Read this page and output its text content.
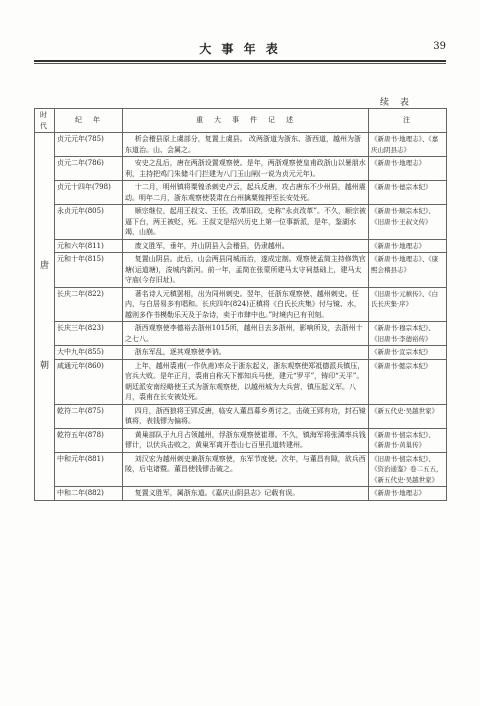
大 事 年 表	39
续 表
时代	纪　年	重　大　事　件　记　述	注

唐
朝	贞元元年(785)	析会稽县原上虞部分，复置上虞县。 改两浙道为浙东、浙西道，越州为浙东道治。山、会属之。	《新唐书·地理志》、《嘉庆山阴县志》
	贞元二年(786)	安史之乱后，唐在两浙设置观察使。是年，两浙观察使皇甫政浙山以暑朋水利，主持把鸡门朱储斗门拦建为八门玉山闸(一说为贞元元年)。	《新唐书·地理志》
	贞元十四年(798)	十二月，明州镇将粟锽杀刺史卢云，起兵反唐，攻占唐东不少州县，越州震动。明年二月，浙东观察使裴肃在台州擒粟锽押至长安处死。	《新唐书·德宗本纪》
	永贞元年(805)	顺宗继位，起用王叔文、王伾，改革旧政，史称“永贞改革”。不久，顺宗被逼下台，两王被贬，死。王叔文是绍兴历史上第一位事新派，是年，鉴湖水竭，山崩。	《新唐书·顺宗本纪》、《旧唐书·王叔文传》
	元和六年(811)	废义胜军，垂年，并山阴县入会稽县，仍隶越州。	《新唐书·地理志》
	元和十年(815)	复置山阴县。此后，山会两县同城而治，遂成定制。观察使孟简主持修筑官塘(运道塘)，浚城内新河。前一年，孟简在张蒙所建马太守祠基础上，建马太守庙(今存旧址)。	《新唐书·地理志》、《康熙会稽县志》
	长庆二年(822)	著名诗人元稹罢相，出为同州刺史。翌年，任浙东观察使、越州刺史。任内，与白居易多有唱和。长庆四年(824)正稹将《白氏长庆集》付与镜、水，越则多作书模勒乐天及于杂诗，卖于市肆中也。”时境内已有刊刻。	《旧唐书·元稹传》、《白氏长庆集·序》
	长庆三年(823)	浙西观察使李德裕去浙州1015所，越州日去多浙州，影响所及，去浙州十之七八。	《新唐书·穆宗本纪》、《旧唐书·李德裕传》
	大中九年(855)	浙东军乱，逐其观察使李讷。	《新唐书·宣宗本纪》
	咸通元年(860)	上年，越州裘甫(一作仇甫)率众于浙东起义，浙东观察使郑祗德派兵镇压，官兵大败。是年正月，裘甫自称天下都知兵马使，建元“罗平”，铸印“天平”。朝廷派安南经略使王式为浙东观察使，以越州城为大兵营，镇压起义军。八月，裘甫在长安被处死。	《新唐书·懿宗本纪》
	乾符二年(875)	四月，浙西狼将王郢反唐，临安人董昌募乡勇讨之，击破王郢有功，封石镜镇将，表钱镠为偏将。	《新五代史·吴越世家》
	乾符五年(878)	黄巢部队于九月占领越州，俘浙东观察使崔璆。不久，镇海军将张潾率兵钱镠计，以伏兵击败之，黄巢军离开苍山七百里孔道转建州。	《新唐书·僖宗本纪》、《新唐书·黄巢传》
	中和元年(881)	刘汉宏为越州刺史兼浙东观察使，东军节度使。次年，与董昌有隙，欲兵西陵，后屯诸暨。董昌使钱镠击破之。	《旧唐书·僖宗本纪》、《资治通鉴》卷二五五，《新五代史·吴越世家》
	中和二年(882)	复置义胜军，属浙东道。《嘉庆山阴县志》记载有误。	《新唐书·地理志》
